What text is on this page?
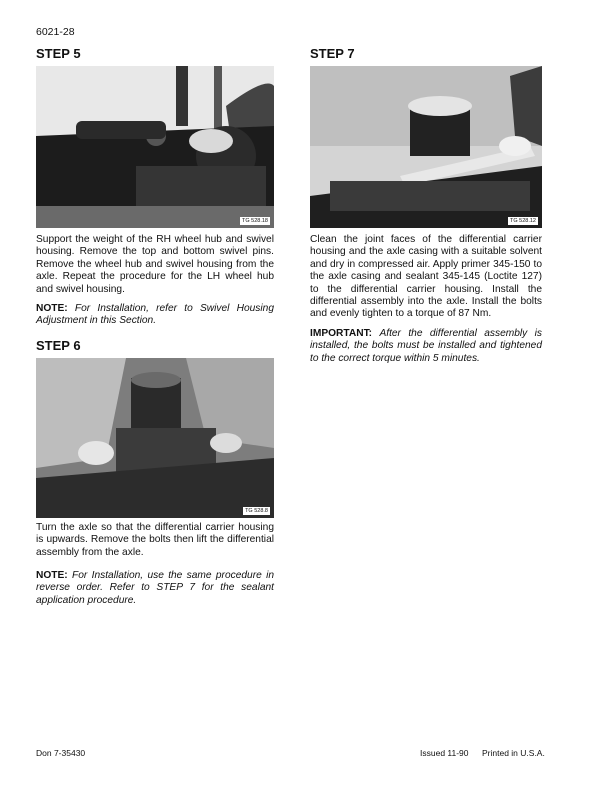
6021-28
STEP 5
TG 528.18

Support the weight of the RH wheel hub and swivel housing. Remove the top and bottom swivel pins. Remove the wheel hub and swivel housing from the axle. Repeat the procedure for the LH wheel hub and swivel housing.

NOTE: For Installation, refer to Swivel Housing Adjustment in this Section.

STEP 6
TG 528.8

Turn the axle so that the differential carrier housing is upwards. Remove the bolts then lift the differential assembly from the axle.

NOTE: For Installation, use the same procedure in reverse order. Refer to STEP 7 for the sealant application procedure.

STEP 7
TG 528.12

Clean the joint faces of the differential carrier housing and the axle casing with a suitable solvent and dry in compressed air. Apply primer 345-150 to the axle casing and sealant 345-145 (Loctite 127) to the differential carrier housing. Install the differential assembly into the axle. Install the bolts and evenly tighten to a torque of 87 Nm.

IMPORTANT: After the differential assembly is installed, the bolts must be installed and tightened to the correct torque within 5 minutes.

Don 7-35430	Issued 11-90 Printed in U.S.A.
